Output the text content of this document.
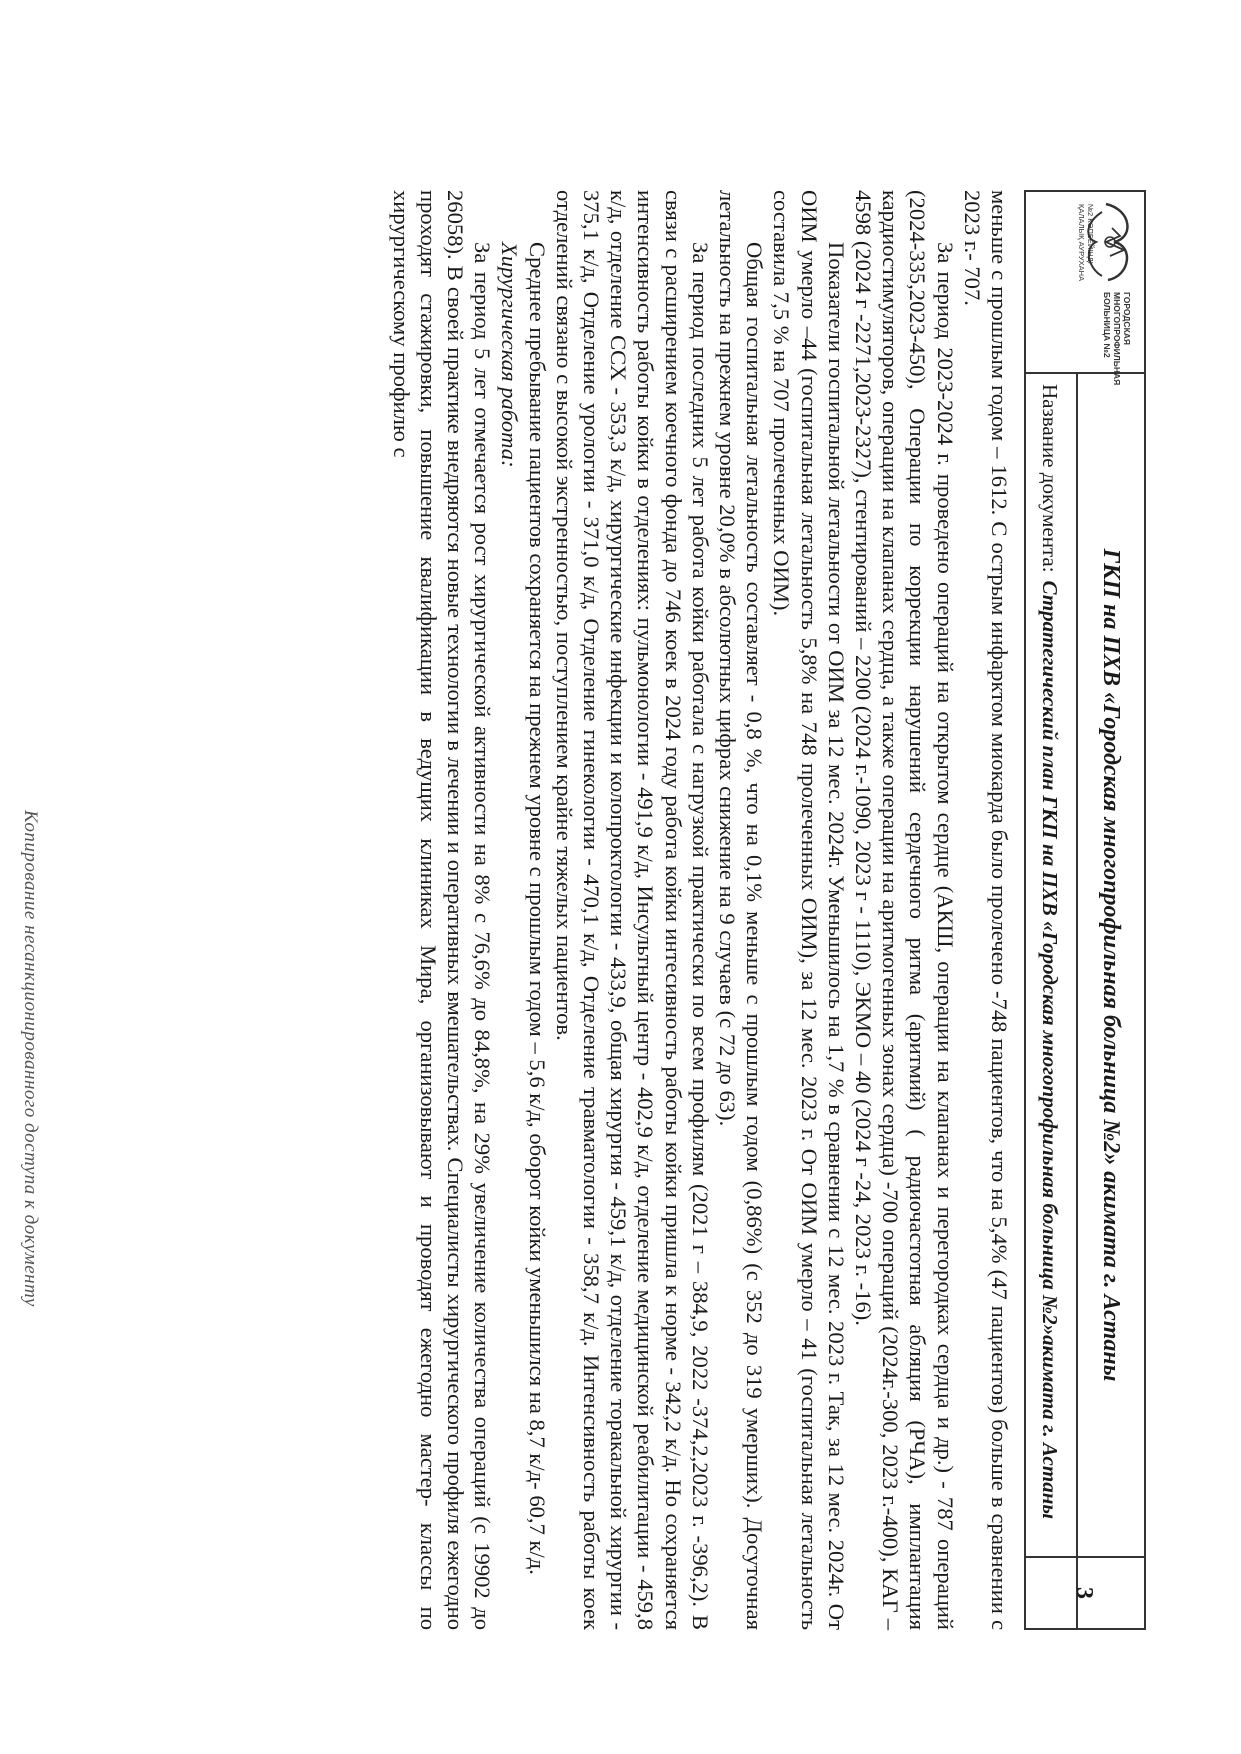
ГОРОДСКАЯ МНОГОПРОФИЛЬНАЯ БОЛЬНИЦА №2
№2 КӨПБЕЙІНДІ ҚАЛАЛЫҚ АУРУХАНА
ГКП на ПХВ «Городская многопрофильная больница №2» акимата г. Астаны
Название документа:
Стратегический план ГКП на ПХВ «Городская многопрофильная больница №2»акимата г. Астаны
3

меньше с прошлым годом – 1612. С острым инфарктом миокарда было пролечено -748 пациентов, что на 5,4% (47 пациентов) больше в сравнении с 2023 г.- 707.

За период 2023-2024 г. проведено операций на открытом сердце (АКШ, операции на клапанах и перегородках сердца и др.) - 787 операций (2024-335,2023-450), Операции по коррекции нарушений сердечного ритма (аритмий) ( радиочастотная абляция (РЧА), имплантация кардиостимуляторов, операции на клапанах сердца, а также операции на аритмогенных зонах сердца) -700 операций (2024г.-300, 2023 г.-400), КАГ – 4598 (2024 г -2271,2023-2327), стентирований – 2200 (2024 г.-1090, 2023 г - 1110), ЭКМО – 40 (2024 г -24, 2023 г. -16).

Показатели госпитальной летальности от ОИМ за 12 мес. 2024г. Уменьшилось на 1,7 % в сравнении с 12 мес. 2023 г. Так, за 12 мес. 2024г. От ОИМ умерло –44 (госпитальная летальность 5,8% на 748 пролеченных ОИМ), за 12 мес. 2023 г. От ОИМ умерло – 41 (госпитальная летальность составила 7,5 % на 707 пролеченных ОИМ).

Общая госпитальная летальность составляет - 0,8 %, что на 0,1% меньше с прошлым годом (0,86%) (с 352 до 319 умерших). Досуточная летальность на прежнем уровне 20,0% в абсолютных цифрах снижение на 9 случаев (с 72 до 63).

За период последних 5 лет работа койки работала с нагрузкой практически по всем профилям (2021 г – 384,9, 2022 -374,2,2023 г. -396,2). В связи с расширением коечного фонда до 746 коек в 2024 году работа койки интесивность работы койки пришла к норме - 342,2 к/д. Но сохраняется интенсивность работы койки в отделениях: пульмонологии - 491,9 к/д, Инсультный центр - 402,9 к/д, отделение медицинской реабилитации - 459,8 к/д, отделение ССХ - 353,3 к/д, хирургические инфекции и колопроктологии - 433,9, общая хирургия - 459,1 к/д, отделение торакальной хирургии - 375,1 к/д, Отделение урологии - 371,0 к/д, Отделение гинекологии - 470,1 к/д, Отделение травматологии - 358,7 к/д. Интенсивность работы коек отделений связано с высокой экстренностью, поступлением крайне тяжелых пациентов.

Среднее пребывание пациентов сохраняется на прежнем уровне с прошлым годом – 5,6 к/д, оборот койки уменьшился на 8,7 к/д- 60,7 к/д.

Хирургическая работа:

За период 5 лет отмечается рост хирургической активности на 8% с 76,6% до 84,8%, на 29% увеличение количества операций (с 19902 до 26058). В своей практике внедряются новые технологии в лечении и оперативных вмешательствах. Специалисты хирургического профиля ежегодно проходят стажировки, повышение квалификации в ведущих клиниках Мира, организовывают и проводят ежегодно мастер- классы по хирургическому профилю с

Копирование несанкционированного доступа к документу
